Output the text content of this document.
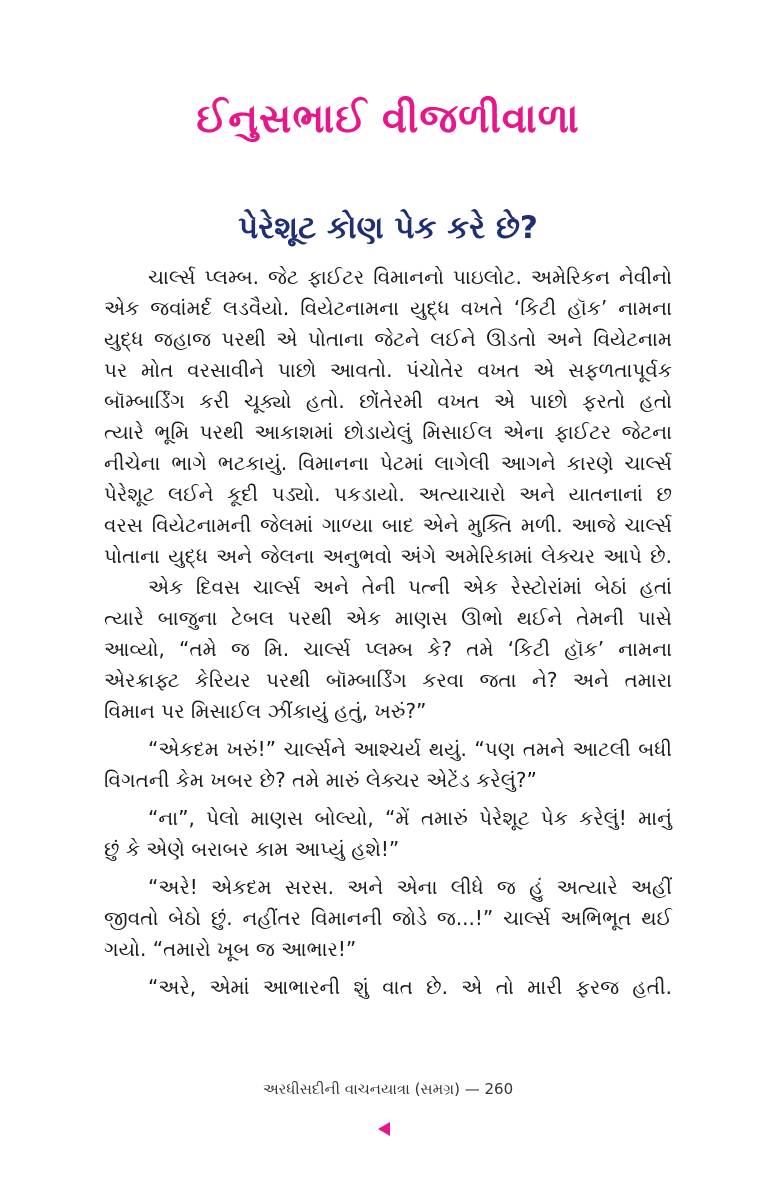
ઈનુસભાઈ વીજળીવાળા
પેરેશૂટ કોણ પેક કરે છે?

ચાર્લ્સ પ્લમ્બ. જેટ ફાઈટર વિમાનનો પાઇલોટ. અમેરિકન નેવીનો
એક જવાંમર્દ લડવૈયો. વિયેટનામના યુદ્ધ વખતે ‘કિટી હૉક’ નામના
યુદ્ધ જહાજ પરથી એ પોતાના જેટને લઈને ઊડતો અને વિયેટનામ
પર મોત વરસાવીને પાછો આવતો. પંચોતેર વખત એ સફળતાપૂર્વક
બૉમ્બાર્ડિંગ કરી ચૂક્યો હતો. છોંતેરમી વખત એ પાછો ફરતો હતો
ત્યારે ભૂમિ પરથી આકાશમાં છોડાયેલું મિસાઈલ એના ફાઈટર જેટના
નીચેના ભાગે ભટકાયું. વિમાનના પેટમાં લાગેલી આગને કારણે ચાર્લ્સ
પેરેશૂટ લઈને કૂદી પડ્યો. પકડાયો. અત્યાચારો અને યાતનાનાં છ
વરસ વિયેટનામની જેલમાં ગાળ્યા બાદ એને મુક્તિ મળી. આજે ચાર્લ્સ
પોતાના યુદ્ધ અને જેલના અનુભવો અંગે અમેરિકામાં લેક્ચર આપે છે.

એક દિવસ ચાર્લ્સ અને તેની પત્ની એક રેસ્ટોરાંમાં બેઠાં હતાં
ત્યારે બાજુના ટેબલ પરથી એક માણસ ઊભો થઈને તેમની પાસે
આવ્યો, “તમે જ મિ. ચાર્લ્સ પ્લમ્બ કે? તમે ‘કિટી હૉક’ નામના
એરક્રાફ્ટ કેરિયર પરથી બૉમ્બાર્ડિંગ કરવા જતા ને? અને તમારા
વિમાન પર મિસાઈલ ઝીંકાયું હતું, ખરું?”

“એકદમ ખરું!” ચાર્લ્સને આશ્ચર્ય થયું. “પણ તમને આટલી બધી
વિગતની કેમ ખબર છે? તમે મારું લેક્ચર એટેંડ કરેલું?”

“ના”, પેલો માણસ બોલ્યો, “મેં તમારું પેરેશૂટ પેક કરેલું! માનું
છું કે એણે બરાબર કામ આપ્યું હશે!”

“અરે! એકદમ સરસ. અને એના લીધે જ હું અત્યારે અહીં
જીવતો બેઠો છું. નહીંતર વિમાનની જોડે જ...!” ચાર્લ્સ અભિભૂત થઈ
ગયો. “તમારો ખૂબ જ આભાર!”

“અરે, એમાં આભારની શું વાત છે. એ તો મારી ફરજ હતી.

અરધીસદીની વાચનયાત્રા (સમગ્ર) — 260
